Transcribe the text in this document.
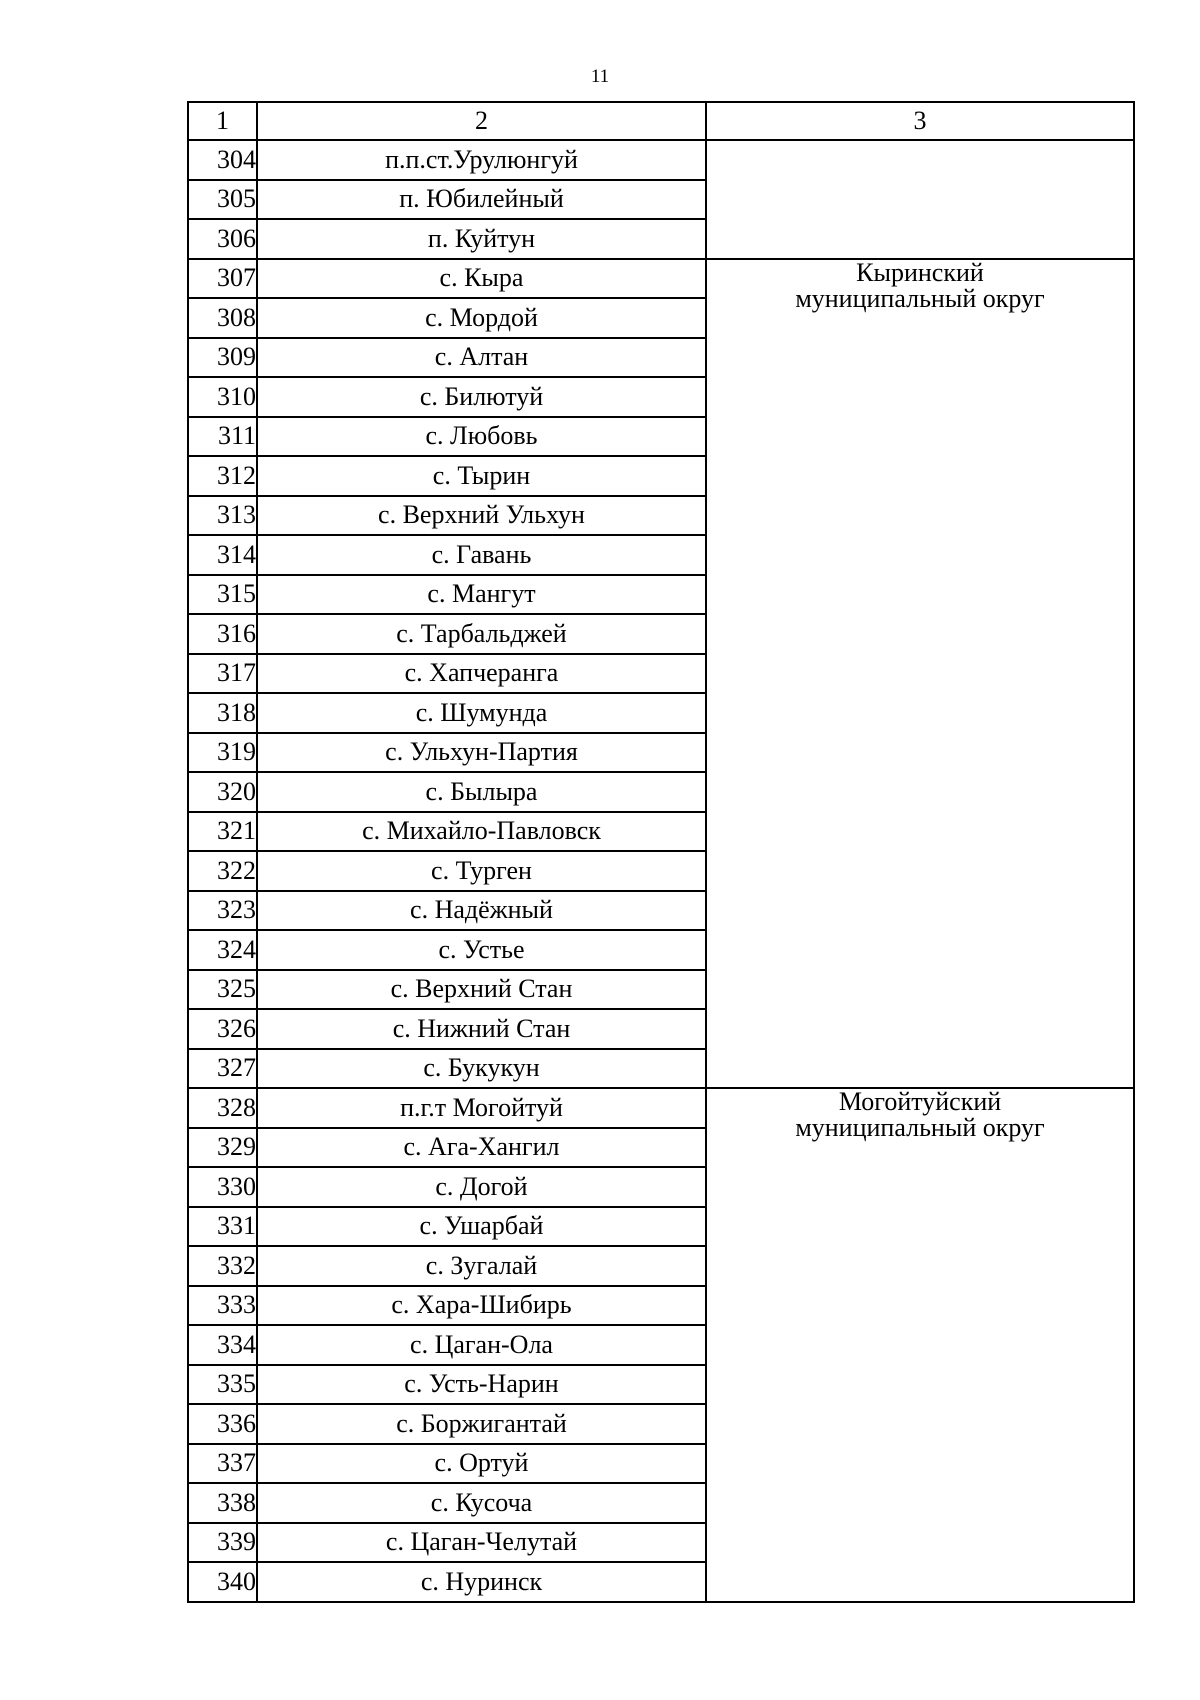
11
1	2	3
304	п.п.ст.Урулюнгуй	
305	п. Юбилейный	
306	п. Куйтун	
307	с. Кыра	Кыринский
муниципальный округ

308	с. Мордой	
309	с. Алтан	
310	с. Билютуй	
311	с. Любовь	
312	с. Тырин	
313	с. Верхний Ульхун	
314	с. Гавань	
315	с. Мангут	
316	с. Тарбальджей	
317	с. Хапчеранга	
318	с. Шумунда	
319	с. Ульхун-Партия	
320	с. Былыра	
321	с. Михайло-Павловск	
322	с. Турген	
323	с. Надёжный	
324	с. Устье	
325	с. Верхний Стан	
326	с. Нижний Стан	
327	с. Букукун	
328	п.г.т Могойтуй	Могойтуйский
муниципальный округ

329	с. Ага-Хангил	
330	с. Догой	
331	с. Ушарбай	
332	с. Зугалай	
333	с. Хара-Шибирь	
334	с. Цаган-Ола	
335	с. Усть-Нарин	
336	с. Боржигантай	
337	с. Ортуй	
338	с. Кусоча	
339	с. Цаган-Челутай	
340	с. Нуринск	
